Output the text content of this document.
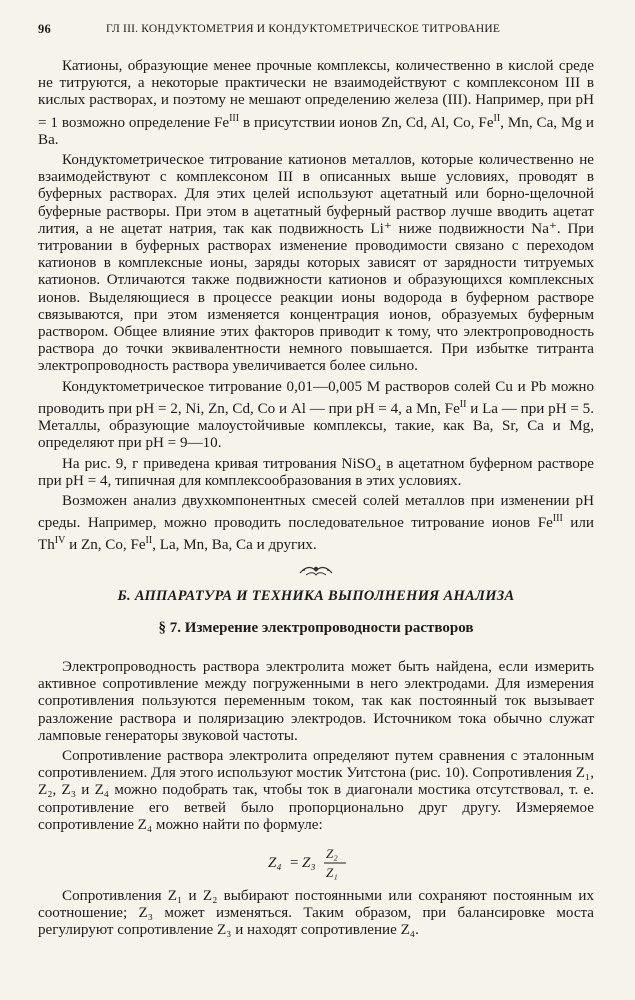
96	ГЛ III. КОНДУКТОМЕТРИЯ И КОНДУКТОМЕТРИЧЕСКОЕ ТИТРОВАНИЕ

Катионы, образующие менее прочные комплексы, количественно в кислой среде не титруются, а некоторые практически не взаимодействуют с комплексоном III в кислых растворах, и поэтому не мешают определению железа (III). Например, при pH = 1 возможно определение $Fe^{III}$ в присутствии ионов Zn, Cd, Al, Co, $Fe^{II}$, Mn, Ca, Mg и Ba.

Кондуктометрическое титрование катионов металлов, которые количественно не взаимодействуют с комплексоном III в описанных выше условиях, проводят в буферных растворах. Для этих целей используют ацетатный или борно-щелочной буферные растворы. При этом в ацетатный буферный раствор лучше вводить ацетат лития, а не ацетат натрия, так как подвижность Li⁺ ниже подвижности Na⁺. При титровании в буферных растворах изменение проводимости связано с переходом катионов в комплексные ионы, заряды которых зависят от зарядности титруемых катионов. Отличаются также подвижности катионов и образующихся комплексных ионов. Выделяющиеся в процессе реакции ионы водорода в буферном растворе связываются, при этом изменяется концентрация ионов, образуемых буферным раствором. Общее влияние этих факторов приводит к тому, что электропроводность раствора до точки эквивалентности немного повышается. При избытке титранта электропроводность раствора увеличивается более сильно.

Кондуктометрическое титрование 0,01—0,005 M растворов солей Cu и Pb можно проводить при pH = 2, Ni, Zn, Cd, Co и Al — при pH = 4, а Mn, $Fe^{II}$ и La — при pH = 5. Металлы, образующие малоустойчивые комплексы, такие, как Ba, Sr, Ca и Mg, определяют при pH = 9—10.

На рис. 9, г приведена кривая титрования NiSO₄ в ацетатном буферном растворе при pH = 4, типичная для комплексообразования в этих условиях.

Возможен анализ двухкомпонентных смесей солей металлов при изменении pH среды. Например, можно проводить последовательное титрование ионов $Fe^{III}$ или $Th^{IV}$ и Zn, Co, $Fe^{II}$, La, Mn, Ba, Ca и других.

Б. АППАРАТУРА И ТЕХНИКА ВЫПОЛНЕНИЯ АНАЛИЗА
§ 7. Измерение электропроводности растворов

Электропроводность раствора электролита может быть найдена, если измерить активное сопротивление между погруженными в него электродами. Для измерения сопротивления пользуются переменным током, так как постоянный ток вызывает разложение раствора и поляризацию электродов. Источником тока обычно служат ламповые генераторы звуковой частоты.

Сопротивление раствора электролита определяют путем сравнения с эталонным сопротивлением. Для этого используют мостик Уитстона (рис. 10). Сопротивления Z₁, Z₂, Z₃ и Z₄ можно подобрать так, чтобы ток в диагонали мостика отсутствовал, т. е. сопротивление его ветвей было пропорционально друг другу. Измеряемое сопротивление Z₄ можно найти по формуле:

Z₄ = Z₃
Z₂
Z₁

Сопротивления Z₁ и Z₂ выбирают постоянными или сохраняют постоянным их соотношение; Z₃ может изменяться. Таким образом, при балансировке моста регулируют сопротивление Z₃ и находят сопротивление Z₄.
